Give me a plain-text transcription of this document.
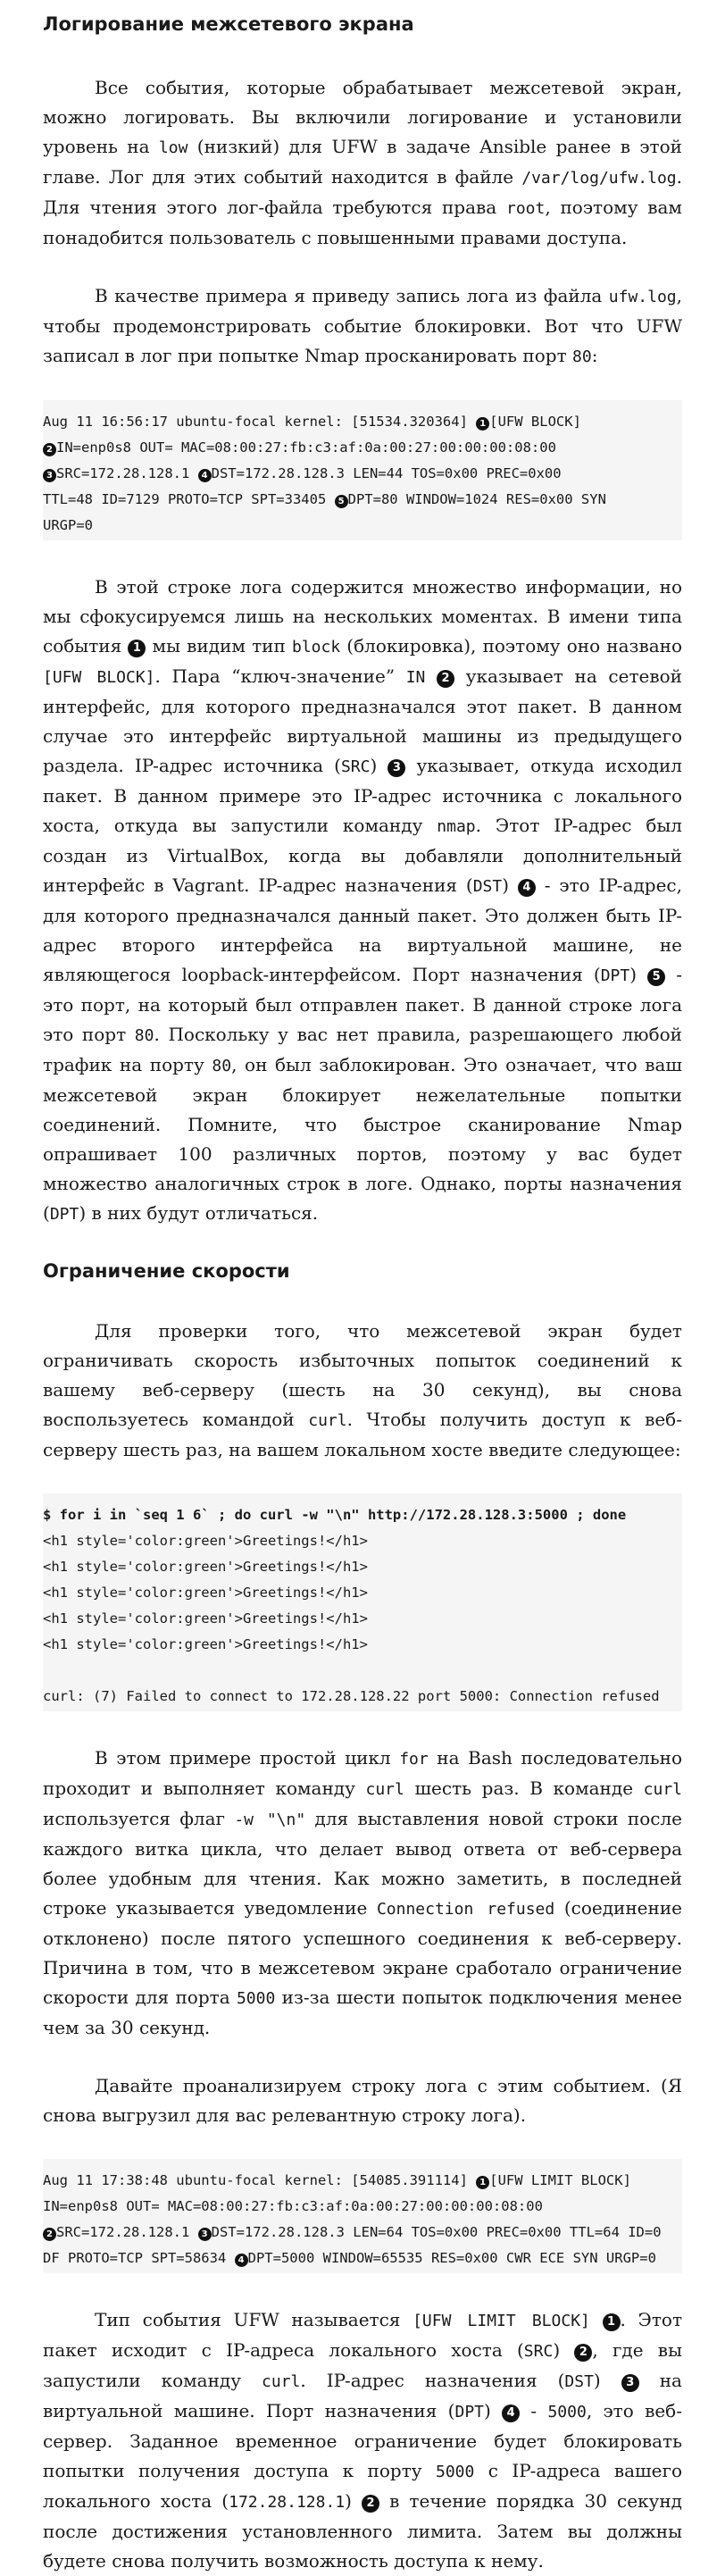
Логирование межсетевого экрана

Все события, которые обрабатывает межсетевой экран, можно логировать. Вы включили логирование и установили уровень на low (низкий) для UFW в задаче Ansible ранее в этой главе. Лог для этих событий находится в файле /var/log/ufw.log. Для чтения этого лог-файла требуются права root, поэтому вам понадобится пользователь с повышенными правами доступа.

В качестве примера я приведу запись лога из файла ufw.log, чтобы продемонстрировать событие блокировки. Вот что UFW записал в лог при попытке Nmap просканировать порт 80:

Aug 11 16:56:17 ubuntu-focal kernel: [51534.320364] 1 [UFW BLOCK]
2 IN=enp0s8 OUT= MAC=08:00:27:fb:c3:af:0a:00:27:00:00:00:08:00
3 SRC=172.28.128.1 4 DST=172.28.128.3 LEN=44 TOS=0x00 PREC=0x00
TTL=48 ID=7129 PROTO=TCP SPT=33405 5 DPT=80 WINDOW=1024 RES=0x00 SYN
URGP=0

В этой строке лога содержится множество информации, но мы сфокусируемся лишь на нескольких моментах. В имени типа события 1 мы видим тип block (блокировка), поэтому оно названо [UFW BLOCK]. Пара “ключ-значение” IN 2 указывает на сетевой интерфейс, для которого предназначался этот пакет. В данном случае это интерфейс виртуальной машины из предыдущего раздела. IP-адрес источника (SRC) 3 указывает, откуда исходил пакет. В данном примере это IP-адрес источника с локального хоста, откуда вы запустили команду nmap. Этот IP-адрес был создан из VirtualBox, когда вы добавляли дополнительный интерфейс в Vagrant. IP-адрес назначения (DST) 4 - это IP-адрес, для которого предназначался данный пакет. Это должен быть IP-адрес второго интерфейса на виртуальной машине, не являющегося loopback-интерфейсом. Порт назначения (DPT) 5 - это порт, на который был отправлен пакет. В данной строке лога это порт 80. Поскольку у вас нет правила, разрешающего любой трафик на порту 80, он был заблокирован. Это означает, что ваш межсетевой экран блокирует нежелательные попытки соединений. Помните, что быстрое сканирование Nmap опрашивает 100 различных портов, поэтому у вас будет множество аналогичных строк в логе. Однако, порты назначения (DPT) в них будут отличаться.

Ограничение скорости

Для проверки того, что межсетевой экран будет ограничивать скорость избыточных попыток соединений к вашему веб-серверу (шесть на 30 секунд), вы снова воспользуетесь командой curl. Чтобы получить доступ к веб-серверу шесть раз, на вашем локальном хосте введите следующее:

$ for i in `seq 1 6` ; do curl -w "\n" http://172.28.128.3:5000 ; done
<h1 style='color:green'>Greetings!</h1>
<h1 style='color:green'>Greetings!</h1>
<h1 style='color:green'>Greetings!</h1>
<h1 style='color:green'>Greetings!</h1>
<h1 style='color:green'>Greetings!</h1>

curl: (7) Failed to connect to 172.28.128.22 port 5000: Connection refused

В этом примере простой цикл for на Bash последовательно проходит и выполняет команду curl шесть раз. В команде curl используется флаг -w "\n" для выставления новой строки после каждого витка цикла, что делает вывод ответа от веб-сервера более удобным для чтения. Как можно заметить, в последней строке указывается уведомление Connection refused (соединение отклонено) после пятого успешного соединения к веб-серверу. Причина в том, что в межсетевом экране сработало ограничение скорости для порта 5000 из-за шести попыток подключения менее чем за 30 секунд.

Давайте проанализируем строку лога с этим событием. (Я снова выгрузил для вас релевантную строку лога).

Aug 11 17:38:48 ubuntu-focal kernel: [54085.391114] 1 [UFW LIMIT BLOCK]
IN=enp0s8 OUT= MAC=08:00:27:fb:c3:af:0a:00:27:00:00:00:08:00
2 SRC=172.28.128.1 3 DST=172.28.128.3 LEN=64 TOS=0x00 PREC=0x00 TTL=64 ID=0
DF PROTO=TCP SPT=58634 4 DPT=5000 WINDOW=65535 RES=0x00 CWR ECE SYN URGP=0

Тип события UFW называется [UFW LIMIT BLOCK] 1 . Этот пакет исходит с IP-адреса локального хоста (SRC) 2 , где вы запустили команду curl. IP-адрес назначения (DST) 3 на виртуальной машине. Порт назначения (DPT) 4 - 5000, это веб-сервер. Заданное временное ограничение будет блокировать попытки получения доступа к порту 5000 с IP-адреса вашего локального хоста (172.28.128.1) 2 в течение порядка 30 секунд после достижения установленного лимита. Затем вы должны будете снова получить возможность доступа к нему.
